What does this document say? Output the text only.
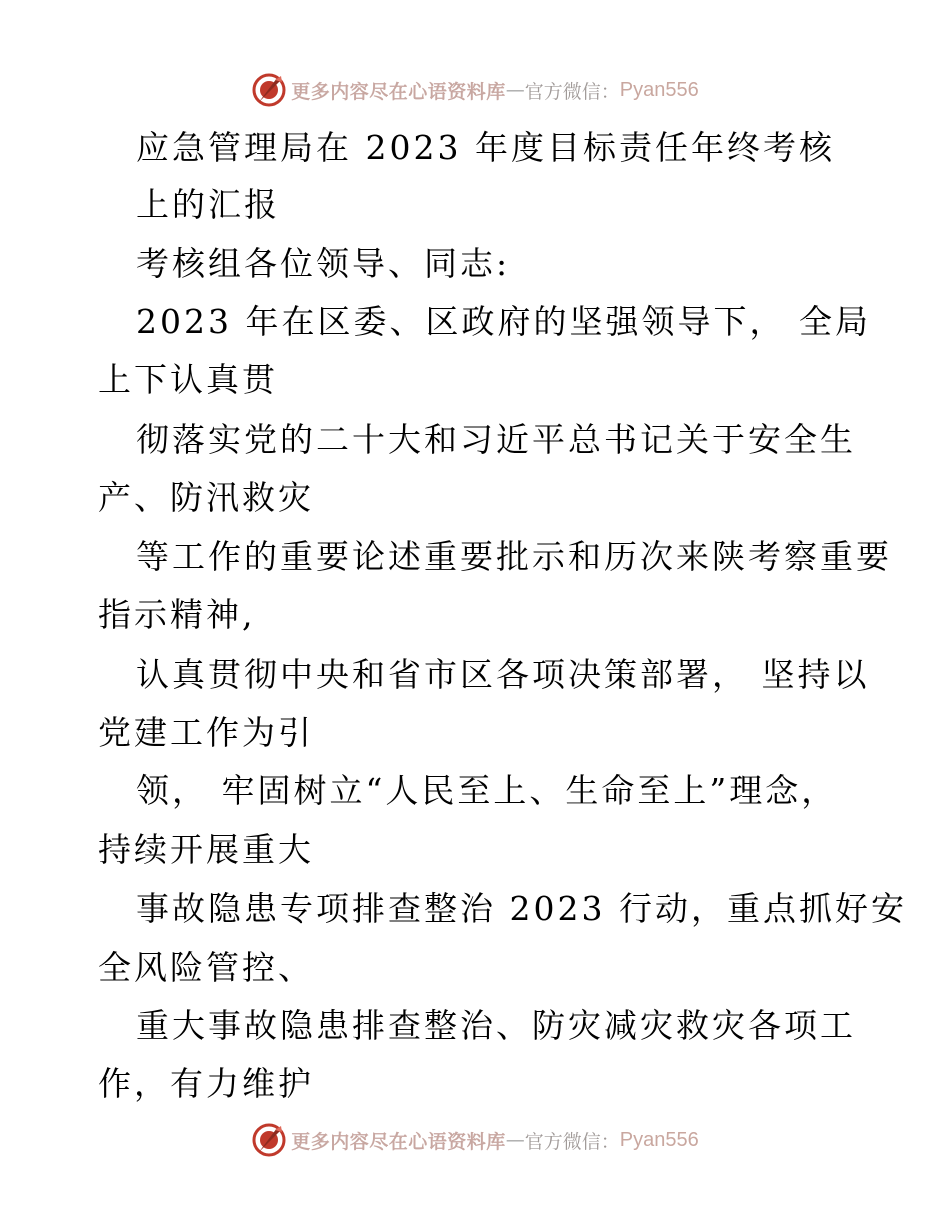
更多内容尽在心语资料库 — 官方微信： Pyan556
应急管理局在 2023 年度目标责任年终考核
上的汇报
考核组各位领导、同志:
2023 年在区委、区政府的坚强领导下， 全局
上下认真贯
彻落实党的二十大和习近平总书记关于安全生
产、防汛救灾
等工作的重要论述重要批示和历次来陕考察重要
指示精神,
认真贯彻中央和省市区各项决策部署， 坚持以
党建工作为引
领， 牢固树立“人民至上、生命至上”理念，
持续开展重大
事故隐患专项排查整治 2023 行动，重点抓好安
全风险管控、
重大事故隐患排查整治、防灾减灾救灾各项工
作，有力维护
更多内容尽在心语资料库 — 官方微信： Pyan556
